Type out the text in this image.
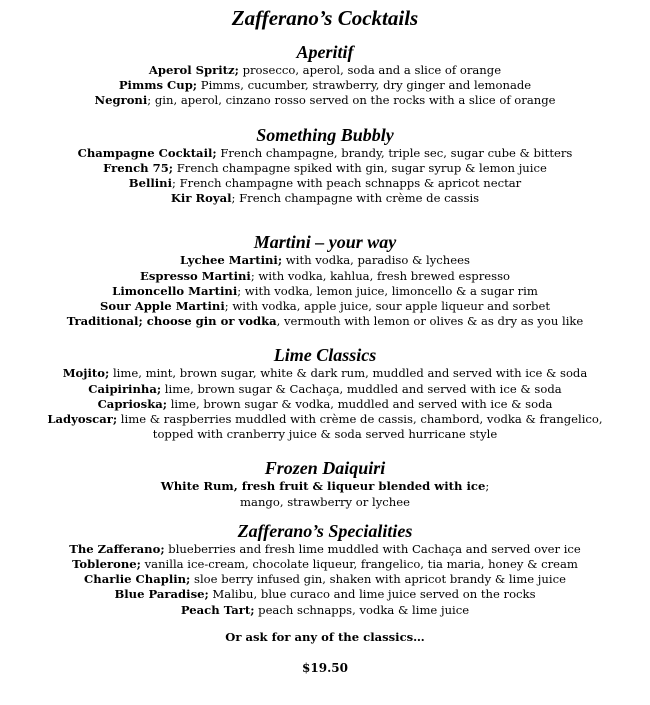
Zafferano’s Cocktails
Aperitif
Aperol Spritz; prosecco, aperol, soda and a slice of orange
Pimms Cup; Pimms, cucumber, strawberry, dry ginger and lemonade
Negroni; gin, aperol, cinzano rosso served on the rocks with a slice of orange
Something Bubbly
Champagne Cocktail; French champagne, brandy, triple sec, sugar cube & bitters
French 75; French champagne spiked with gin, sugar syrup & lemon juice
Bellini; French champagne with peach schnapps & apricot nectar
Kir Royal; French champagne with crème de cassis
Martini – your way
Lychee Martini; with vodka, paradiso & lychees
Espresso Martini; with vodka, kahlua, fresh brewed espresso
Limoncello Martini; with vodka, lemon juice, limoncello & a sugar rim
Sour Apple Martini; with vodka, apple juice, sour apple liqueur and sorbet
Traditional; choose gin or vodka, vermouth with lemon or olives & as dry as you like
Lime Classics
Mojito; lime, mint, brown sugar, white & dark rum, muddled and served with ice & soda
Caipirinha; lime, brown sugar & Cachaça, muddled and served with ice & soda
Caprioska; lime, brown sugar & vodka, muddled and served with ice & soda
Ladyoscar; lime & raspberries muddled with crème de cassis, chambord, vodka & frangelico,
topped with cranberry juice & soda served hurricane style
Frozen Daiquiri
White Rum, fresh fruit & liqueur blended with ice;
mango, strawberry or lychee
Zafferano’s Specialities
The Zafferano; blueberries and fresh lime muddled with Cachaça and served over ice
Toblerone; vanilla ice-cream, chocolate liqueur, frangelico, tia maria, honey & cream
Charlie Chaplin; sloe berry infused gin, shaken with apricot brandy & lime juice
Blue Paradise; Malibu, blue curaco and lime juice served on the rocks
Peach Tart; peach schnapps, vodka & lime juice
Or ask for any of the classics…
$19.50
